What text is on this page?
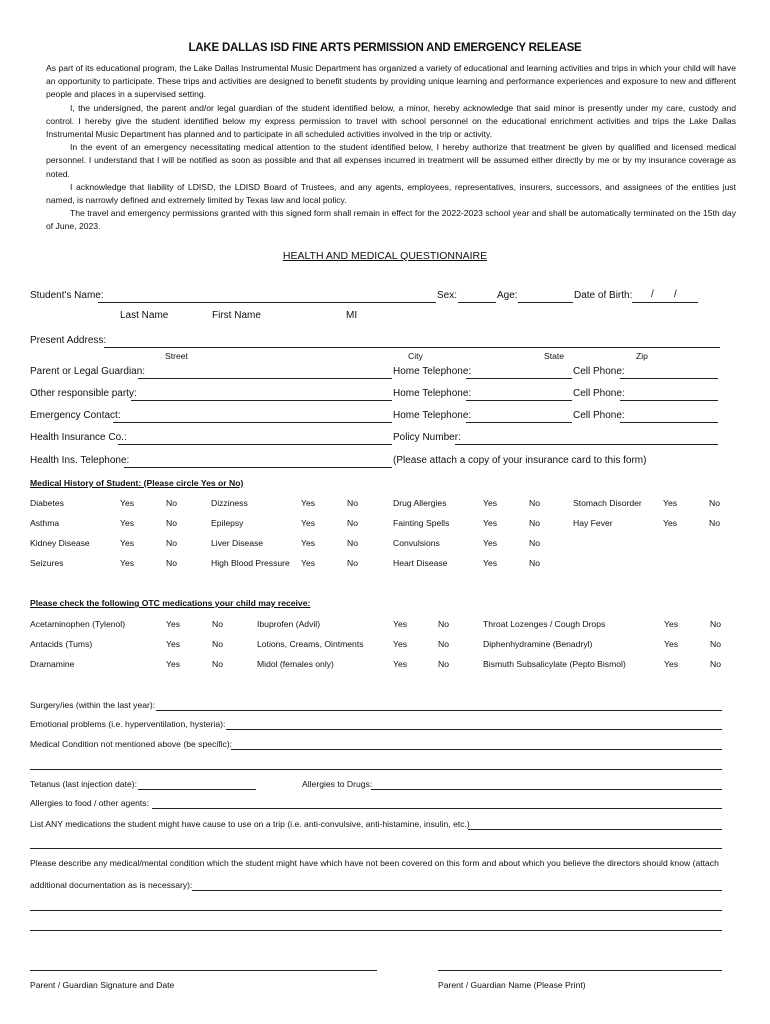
LAKE DALLAS ISD FINE ARTS PERMISSION AND EMERGENCY RELEASE

As part of its educational program, the Lake Dallas Instrumental Music Department has organized a variety of educational and learning activities and trips in which your child will have an opportunity to participate. These trips and activities are designed to benefit students by providing unique learning and performance experiences and exposure to new and different people and places in a supervised setting.

I, the undersigned, the parent and/or legal guardian of the student identified below, a minor, hereby acknowledge that said minor is presently under my care, custody and control. I hereby give the student identified below my express permission to travel with school personnel on the educational enrichment activities and trips the Lake Dallas Instrumental Music Department has planned and to participate in all scheduled activities involved in the trip or activity.

In the event of an emergency necessitating medical attention to the student identified below, I hereby authorize that treatment be given by qualified and licensed medical personnel. I understand that I will be notified as soon as possible and that all expenses incurred in treatment will be assumed either directly by me or by my insurance coverage as noted.

I acknowledge that liability of LDISD, the LDISD Board of Trustees, and any agents, employees, representatives, insurers, successors, and assignees of the entities just named, is narrowly defined and extremely limited by Texas law and local policy.

The travel and emergency permissions granted with this signed form shall remain in effect for the 2022-2023 school year and shall be automatically terminated on the 15th day of June, 2023.

HEALTH AND MEDICAL QUESTIONNAIRE
Student's Name:	Sex:	Age:	Date of Birth: / /
Last Name	First Name	MI
Present Address:
Street	City	State	Zip
Parent or Legal Guardian:	Home Telephone:	Cell Phone:
Other responsible party:	Home Telephone:	Cell Phone:
Emergency Contact:	Home Telephone:	Cell Phone:
Health Insurance Co.:	Policy Number:
Health Ins. Telephone:	(Please attach a copy of your insurance card to this form)
Medical History of Student: (Please circle Yes or No)
Diabetes	Yes	No	Dizziness	Yes	No	Drug Allergies	Yes	No	Stomach Disorder Yes	No
Asthma	Yes	No	Epilepsy	Yes	No	Fainting Spells	Yes	No	Hay Fever	Yes	No
Kidney Disease	Yes	No	Liver Disease	Yes	No	Convulsions	Yes	No
Seizures	Yes	No	High Blood Pressure Yes	No	Heart Disease	Yes	No
Please check the following OTC medications your child may receive:
Acetaminophen (Tylenol)	Yes	No	Ibuprofen (Advil)	Yes	No	Throat Lozenges / Cough Drops	Yes	No
Antacids (Tums)	Yes	No	Lotions, Creams, Ointments	Yes	No	Diphenhydramine (Benadryl)	Yes	No
Dramamine	Yes	No	Midol (females only)	Yes	No	Bismuth Subsalicylate (Pepto Bismol)	Yes	No
Surgery/ies (within the last year):
Emotional problems (i.e. hyperventilation, hysteria):
Medical Condition not mentioned above (be specific):
Tetanus (last injection date):	Allergies to Drugs:
Allergies to food / other agents:
List ANY medications the student might have cause to use on a trip (i.e. anti-convulsive, anti-histamine, insulin, etc.)
Please describe any medical/mental condition which the student might have which have not been covered on this form and about which you believe the directors should know (attach
additional documentation as is necessary):
Parent / Guardian Signature and Date	Parent / Guardian Name (Please Print)
